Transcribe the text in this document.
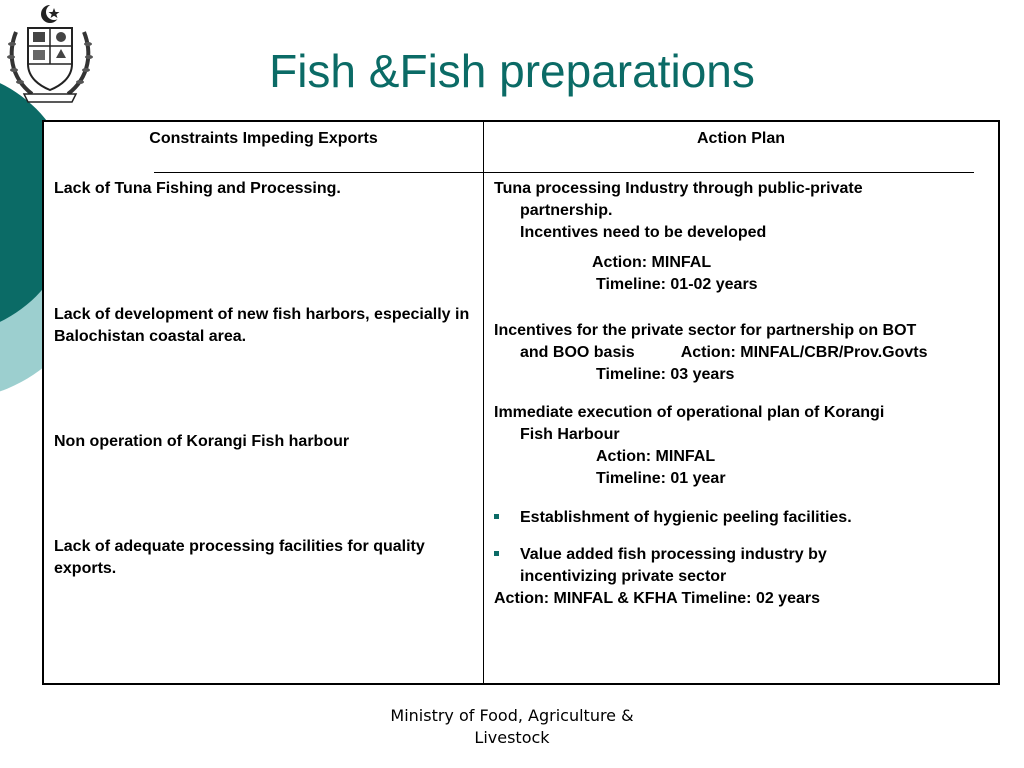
Fish &Fish preparations
Constraints Impeding Exports	Action Plan
Lack of Tuna Fishing and Processing.
Lack of development of new fish harbors, especially in Balochistan coastal area.
Non operation of Korangi Fish harbour
Lack of adequate processing facilities for quality exports.
Tuna processing Industry through public-private
partnership.
Incentives need to be developed
Action: MINFAL
Timeline: 01-02 years
Incentives for the private sector for partnership on BOT
and BOO basis	Action: MINFAL/CBR/Prov.Govts
Timeline: 03 years
Immediate execution of operational plan of Korangi
Fish Harbour
Action: MINFAL
Timeline: 01 year
Establishment of hygienic peeling facilities.
Value added fish processing industry by
incentivizing private sector
Action: MINFAL & KFHA Timeline: 02 years
Ministry of Food, Agriculture &
Livestock
